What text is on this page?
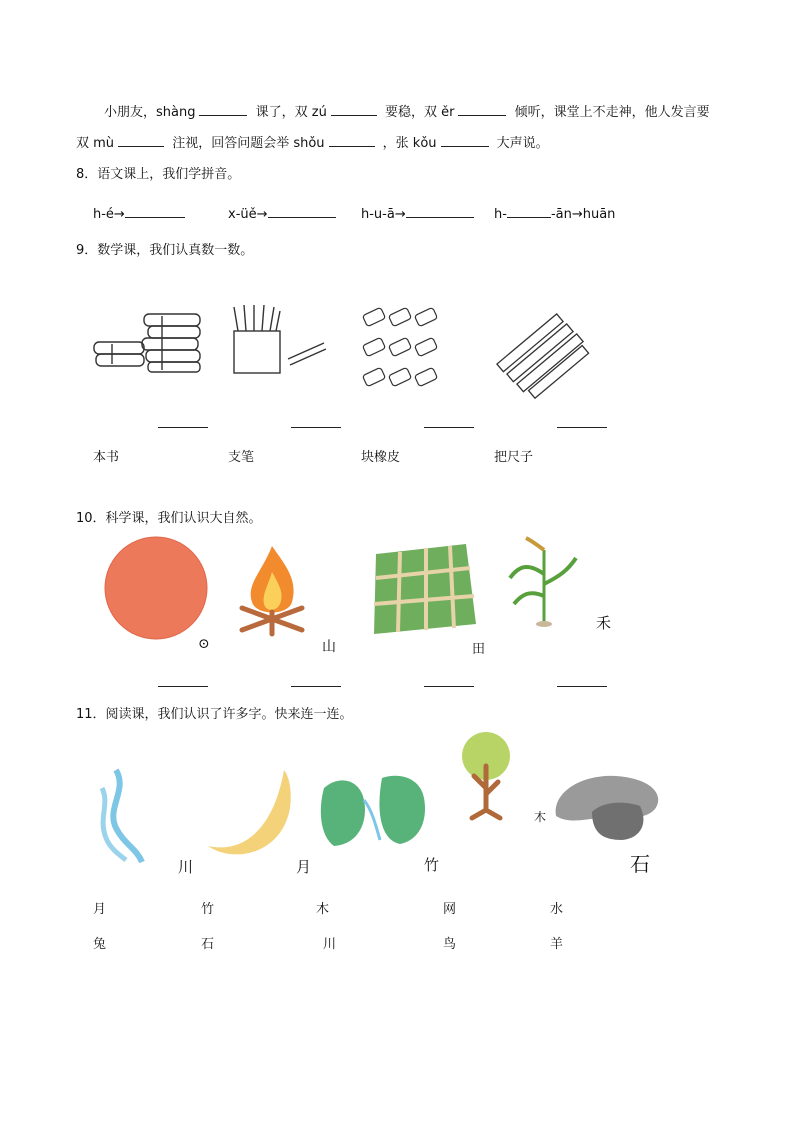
小朋友，shàng	课了，双 zú	要稳，双 ěr	倾听，课堂上不走神，他人发言要
双 mù	注视，回答问题会举 shǒu	，张 kǒu	大声说。
8．语文课上，我们学拼音。
h-é→	x-üě→	h-u-ā→	h-	-ān→huān
9．数学课，我们认真数一数。
本书	支笔	块橡皮	把尺子
10．科学课，我们认识大自然。
⊙	山	田
禾
11．阅读课，我们认识了许多字。快来连一连。
川	月	竹
木
石
月	竹	木	网	水
兔	石	川	鸟	羊
